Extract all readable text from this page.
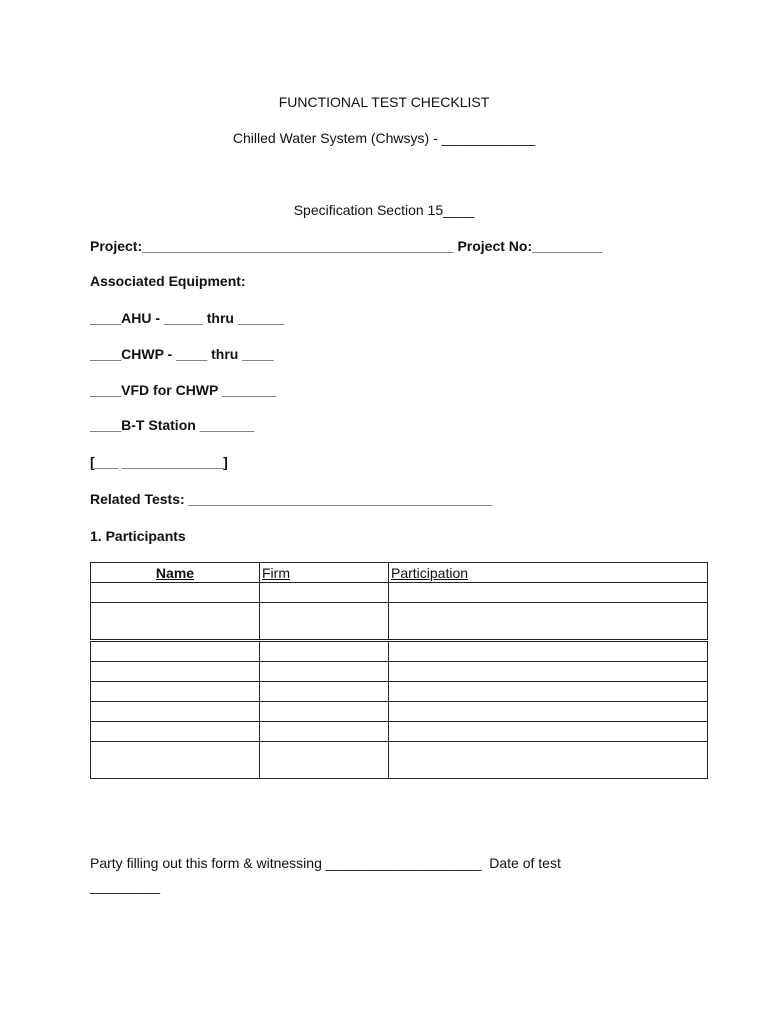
FUNCTIONAL TEST CHECKLIST
Chilled Water System (Chwsys) - ____________
Specification Section 15____
Project:________________________________________ Project No:_________
Associated Equipment:
____AHU - _____ thru ______
____CHWP - ____ thru ____
____VFD for CHWP _______
____B-T Station _______
[___ _____________]
Related Tests: _______________________________________
1. Participants
Name	Firm	Participation

Party filling out this form & witnessing ____________________  Date of test
_________
